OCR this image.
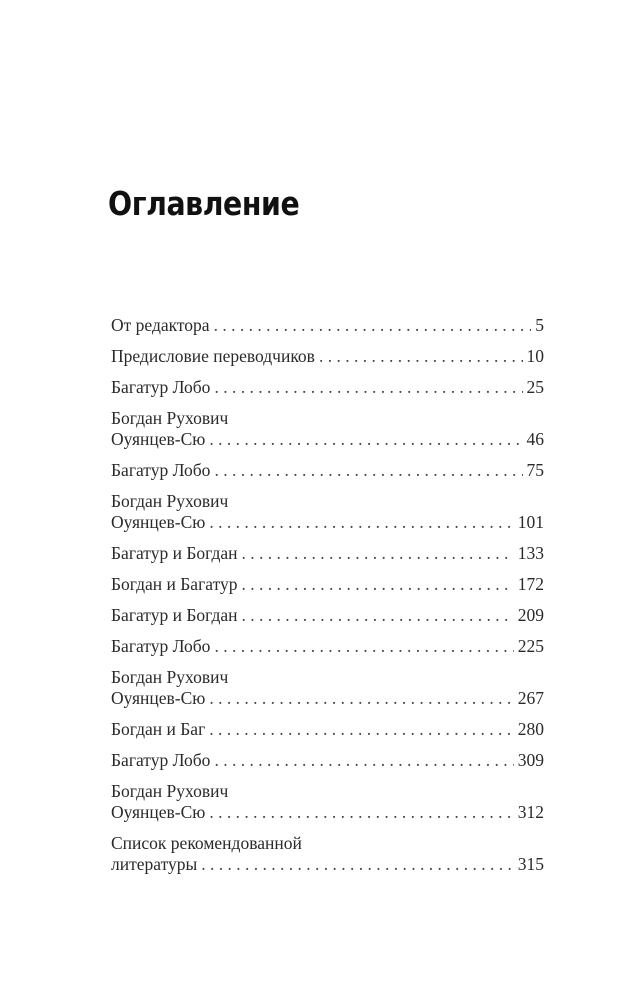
Оглавление
От редактора . . .	5
Предисловие переводчиков . . .	10
Багатур Лобо . . .	25
Богдан Рухович
Оуянцев-Сю . . .	46
Багатур Лобо . . .	75
Богдан Рухович
Оуянцев-Сю . . .	101
Багатур и Богдан . . .	133
Богдан и Багатур . . .	172
Багатур и Богдан . . .	209
Багатур Лобо . . .	225
Богдан Рухович
Оуянцев-Сю . . .	267
Богдан и Баг . . .	280
Багатур Лобо . . .	309
Богдан Рухович
Оуянцев-Сю . . .	312
Список рекомендованной
литературы . . .	315
